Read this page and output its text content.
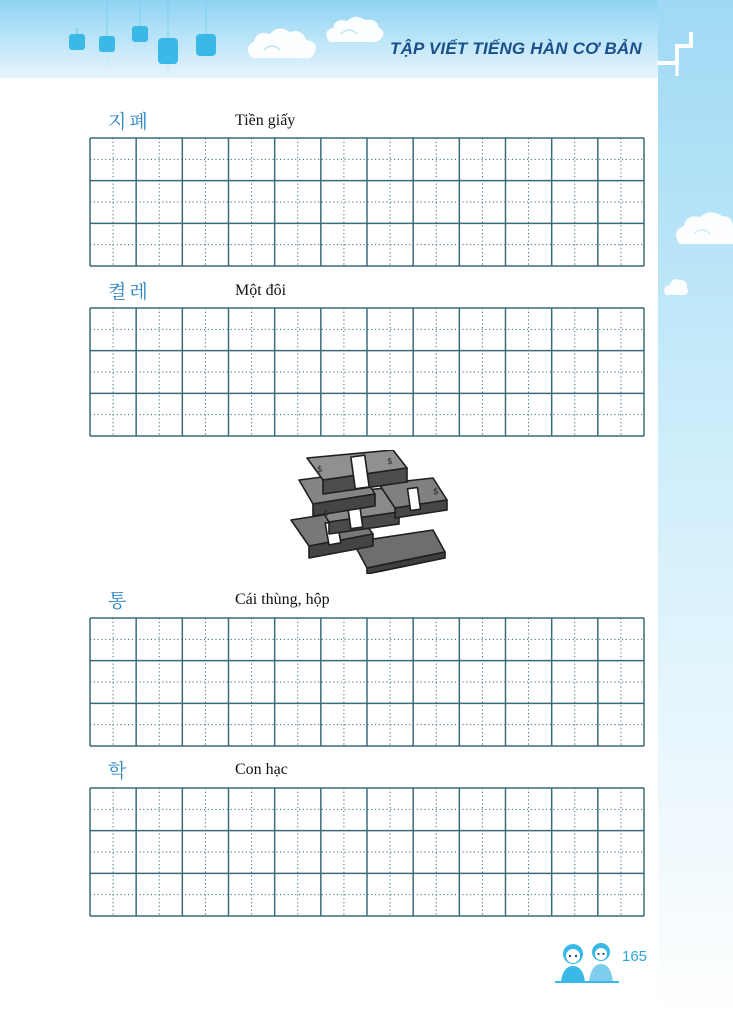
TẬP VIẾT TIẾNG HÀN CƠ BẢN
지폐	Tiền giấy
켤레	Một đôi
$
$
$
$
통	Cái thùng, hộp
학	Con hạc
165
